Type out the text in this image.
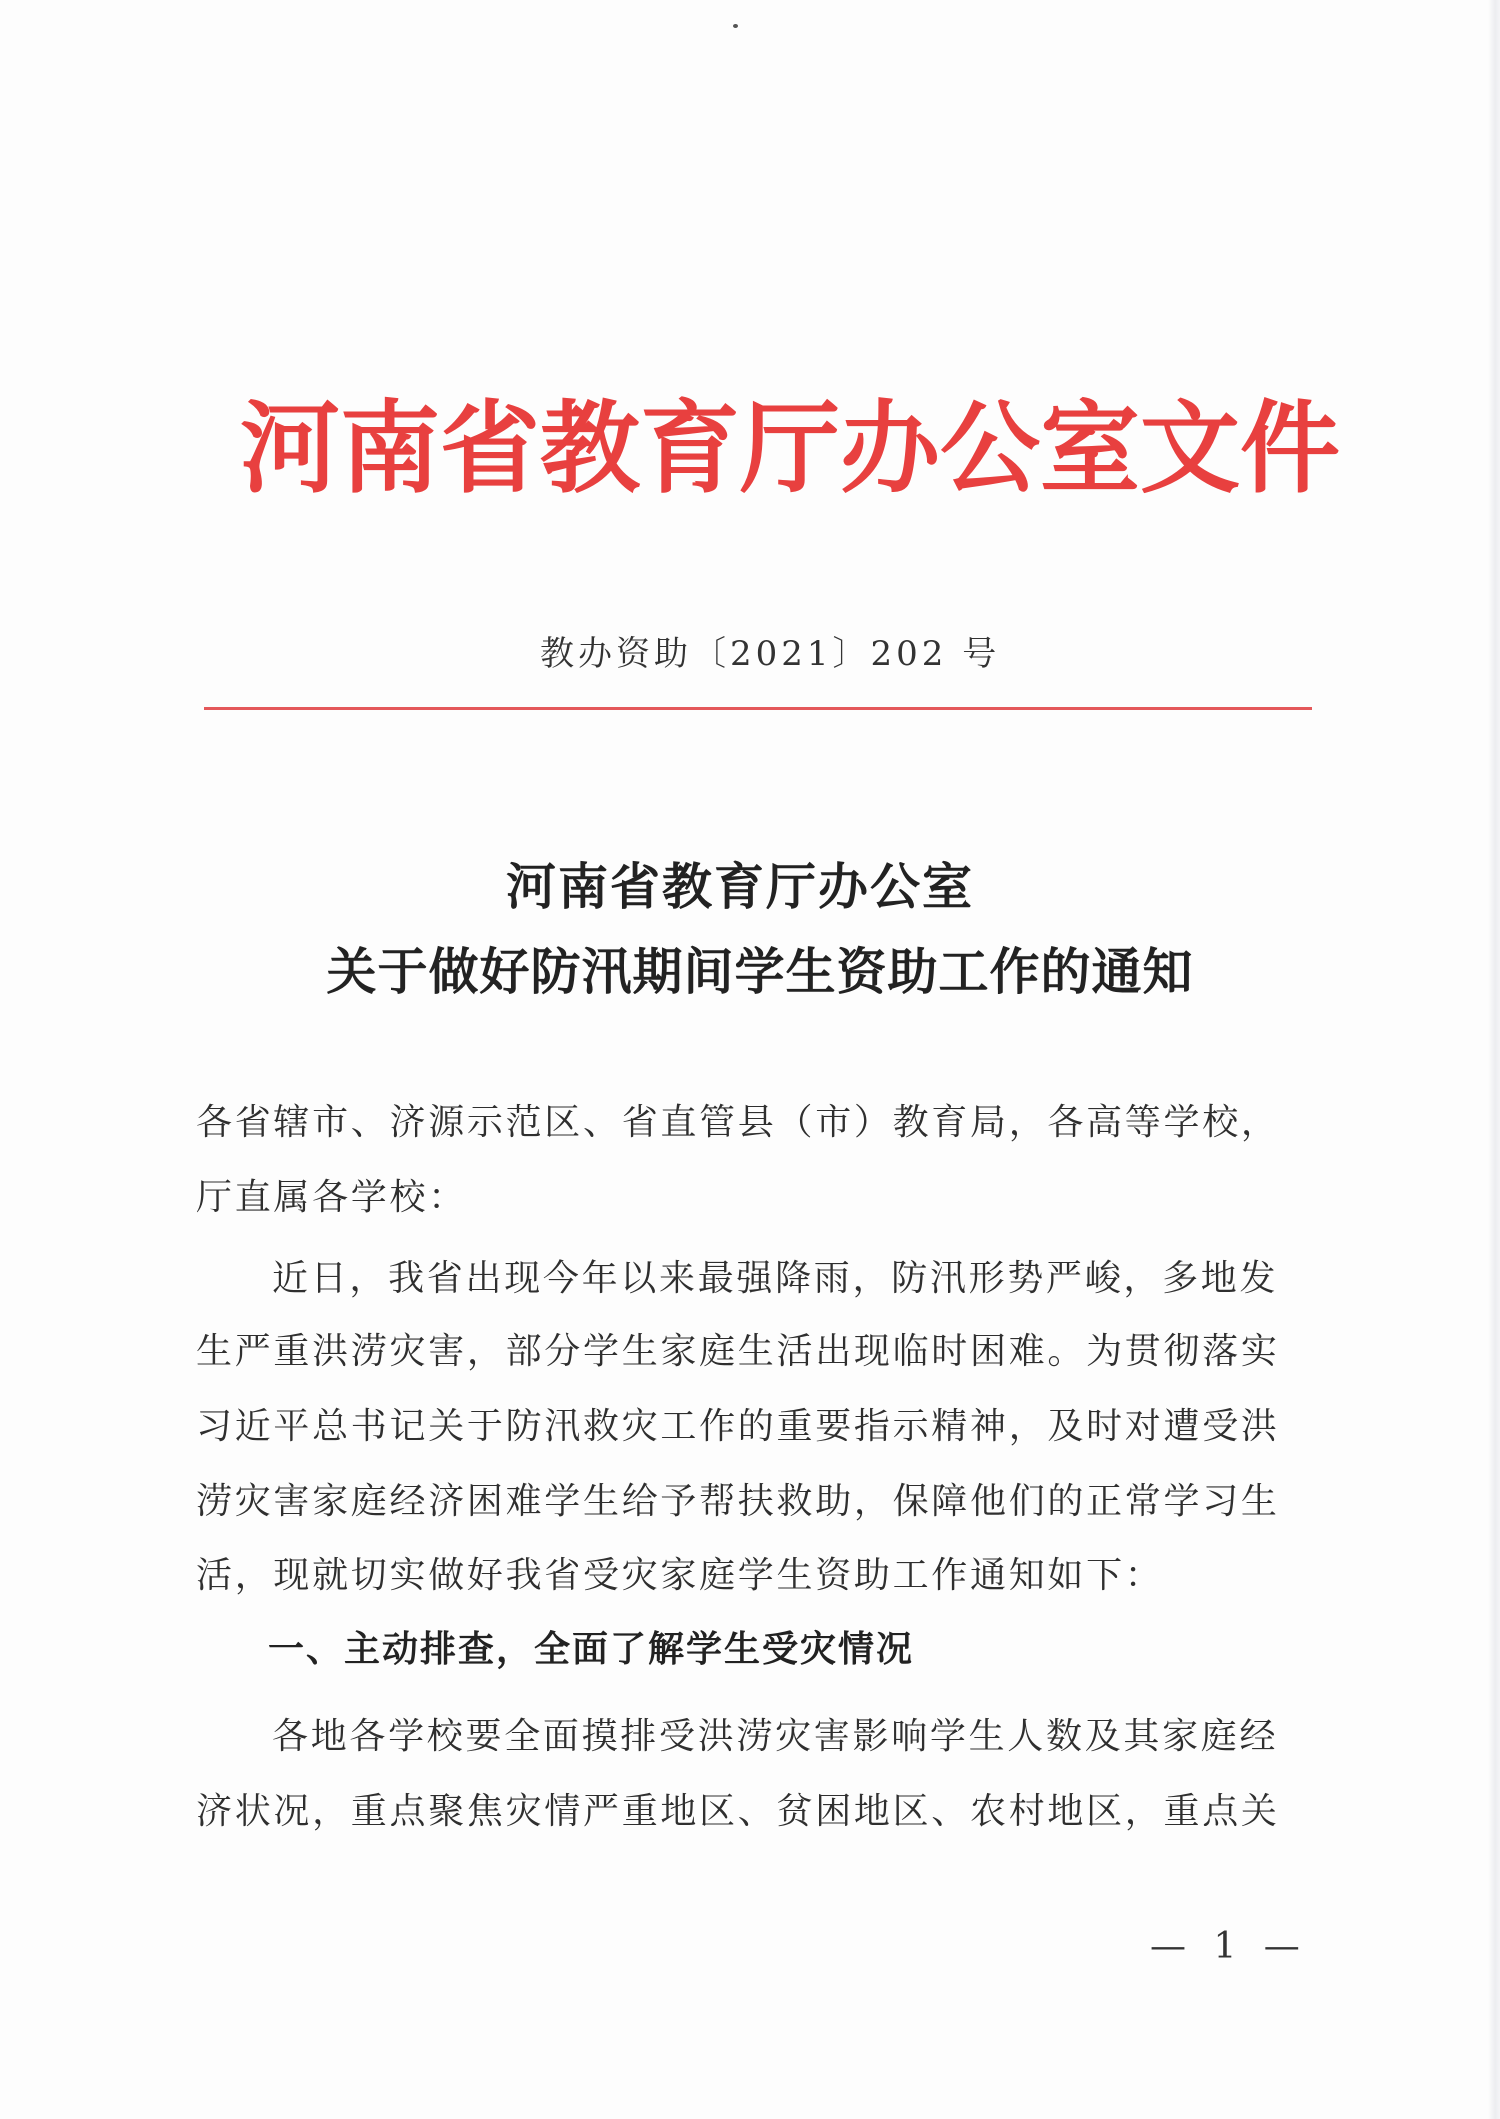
河 南 省 教 育 厅 办 公 室 文 件
教办资助〔2021〕202 号
河南省教育厅办公室
关于做好防汛期间学生资助工作的通知
各省辖市、济源示范区、省直管县（市）教育局，各高等学校，
厅直属各学校：
近日，我省出现今年以来最强降雨，防汛形势严峻，多地发
生严重洪涝灾害，部分学生家庭生活出现临时困难。为贯彻落实
习近平总书记关于防汛救灾工作的重要指示精神，及时对遭受洪
涝灾害家庭经济困难学生给予帮扶救助，保障他们的正常学习生
活，现就切实做好我省受灾家庭学生资助工作通知如下：
一、主动排查，全面了解学生受灾情况
各地各学校要全面摸排受洪涝灾害影响学生人数及其家庭经
济状况，重点聚焦灾情严重地区、贫困地区、农村地区，重点关
— 1 —
